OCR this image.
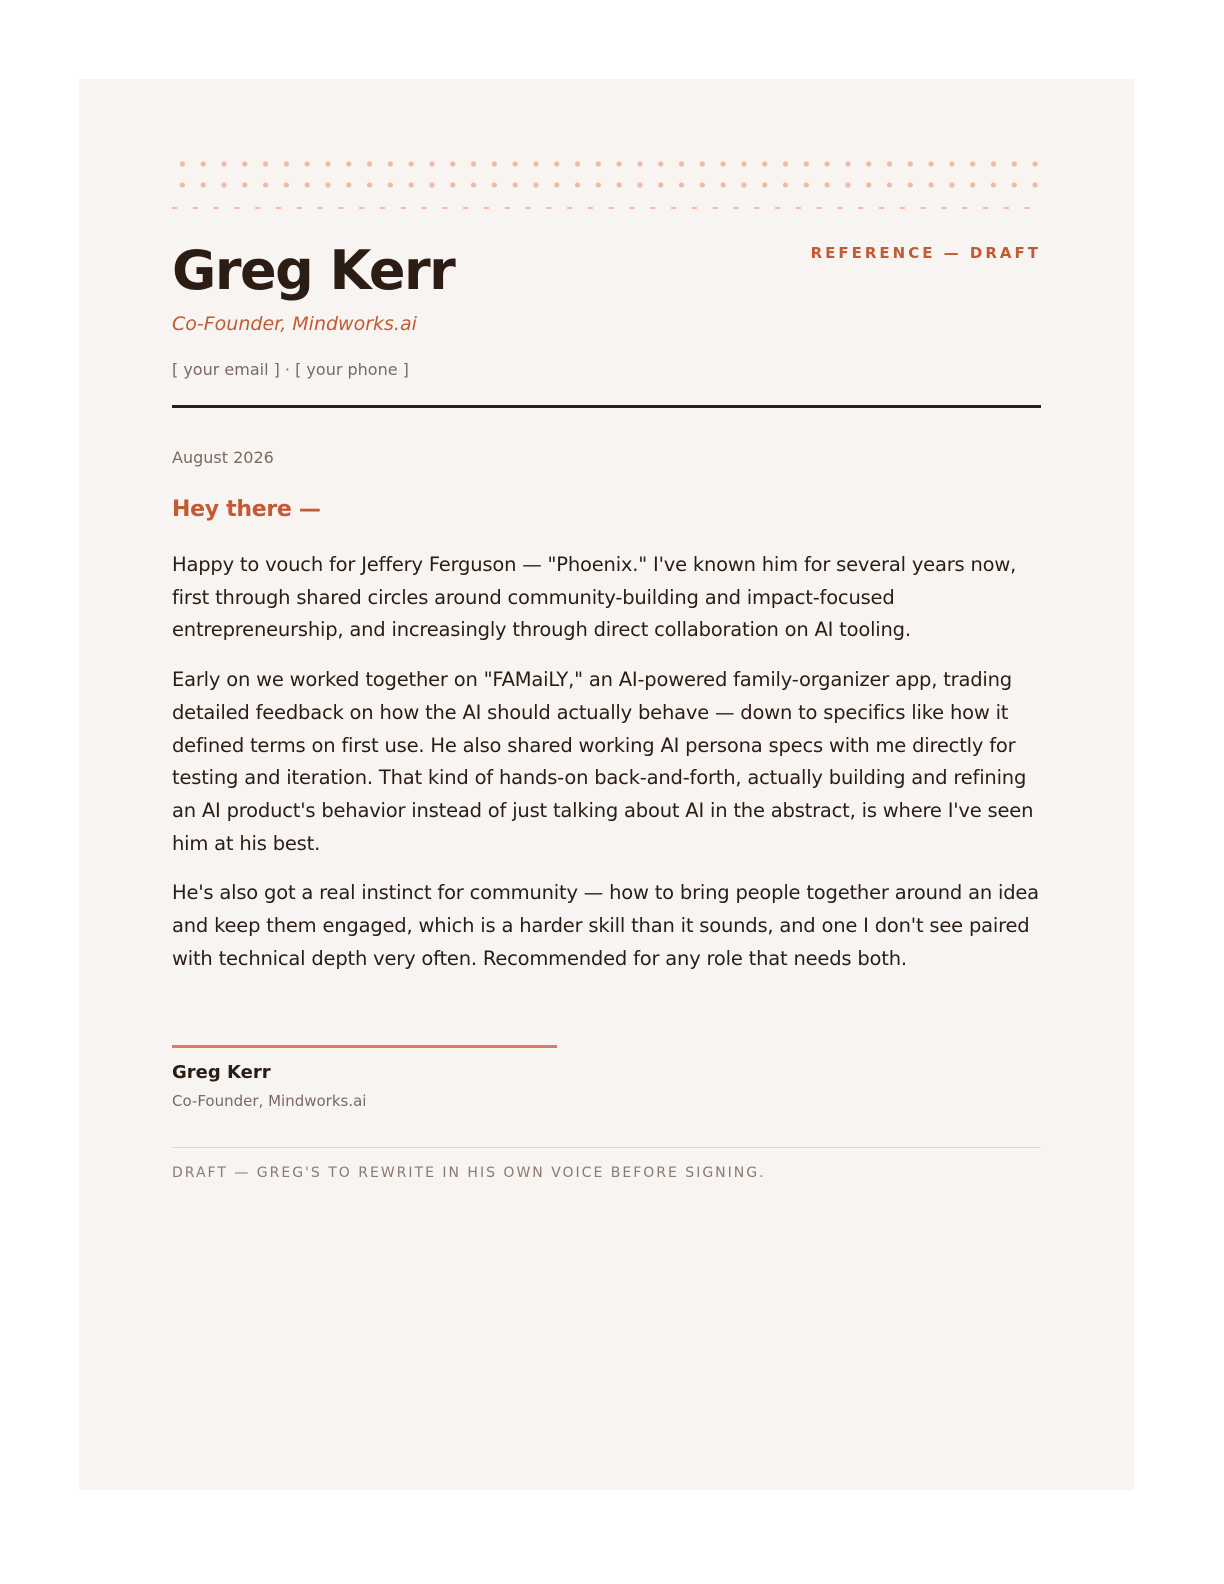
REFERENCE — DRAFT
Greg Kerr
Co-Founder, Mindworks.ai
[ your email ] · [ your phone ]
August 2026
Hey there —

Happy to vouch for Jeffery Ferguson — "Phoenix." I've known him for several years now, first through shared circles around community-building and impact-focused entrepreneurship, and increasingly through direct collaboration on AI tooling.

Early on we worked together on "FAMaiLY," an AI-powered family-organizer app, trading detailed feedback on how the AI should actually behave — down to specifics like how it defined terms on first use. He also shared working AI persona specs with me directly for testing and iteration. That kind of hands-on back-and-forth, actually building and refining an AI product's behavior instead of just talking about AI in the abstract, is where I've seen him at his best.

He's also got a real instinct for community — how to bring people together around an idea and keep them engaged, which is a harder skill than it sounds, and one I don't see paired with technical depth very often. Recommended for any role that needs both.

Greg Kerr
Co-Founder, Mindworks.ai
DRAFT — GREG'S TO REWRITE IN HIS OWN VOICE BEFORE SIGNING.
